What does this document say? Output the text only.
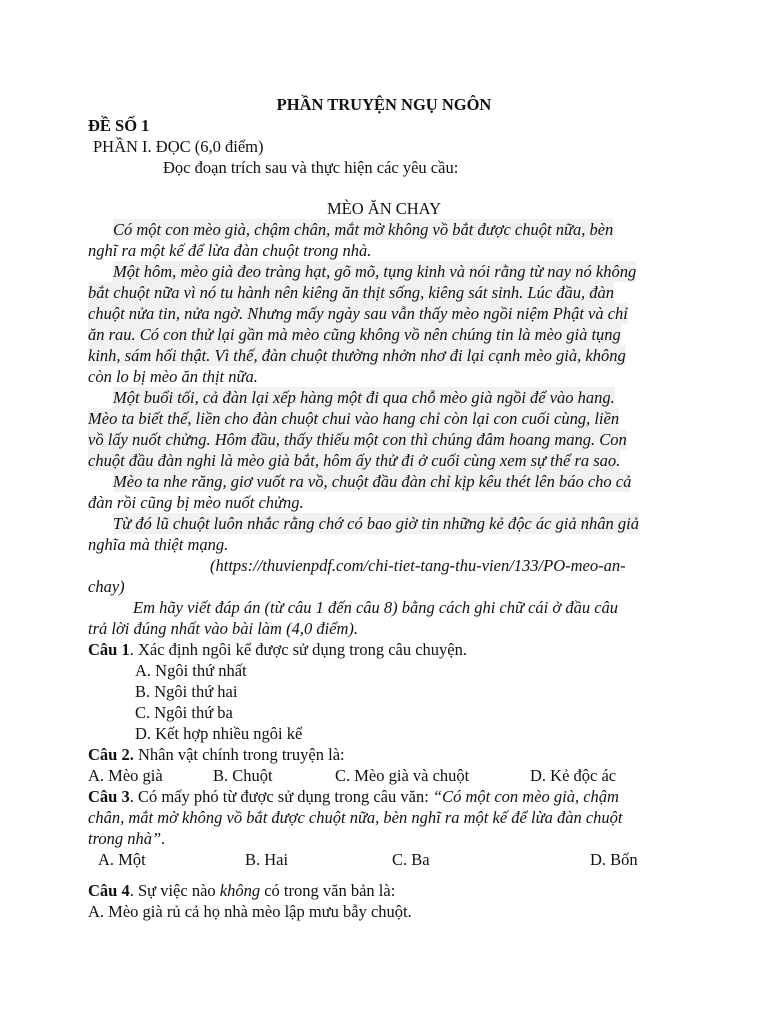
PHẦN TRUYỆN NGỤ NGÔN
ĐỀ SỐ 1
PHẦN I. ĐỌC (6,0 điểm)
Đọc đoạn trích sau và thực hiện các yêu cầu:
MÈO ĂN CHAY
Có một con mèo già, chậm chân, mắt mờ không vồ bắt được chuột nữa, bèn
nghĩ ra một kế để lừa đàn chuột trong nhà.
Một hôm, mèo già đeo tràng hạt, gõ mõ, tụng kinh và nói rằng từ nay nó không
bắt chuột nữa vì nó tu hành nên kiêng ăn thịt sống, kiêng sát sinh. Lúc đầu, đàn
chuột nửa tin, nửa ngờ. Nhưng mấy ngày sau vẫn thấy mèo ngồi niệm Phật và chỉ
ăn rau. Có con thử lại gần mà mèo cũng không vồ nên chúng tin là mèo già tụng
kinh, sám hối thật. Vì thế, đàn chuột thường nhởn nhơ đi lại cạnh mèo già, không
còn lo bị mèo ăn thịt nữa.
Một buổi tối, cả đàn lại xếp hàng một đi qua chỗ mèo già ngồi để vào hang.
Mèo ta biết thế, liền cho đàn chuột chui vào hang chỉ còn lại con cuối cùng, liền
vồ lấy nuốt chửng. Hôm đầu, thấy thiếu một con thì chúng đâm hoang mang. Con
chuột đầu đàn nghi là mèo già bắt, hôm ấy thử đi ở cuối cùng xem sự thể ra sao.
Mèo ta nhe răng, giơ vuốt ra vồ, chuột đầu đàn chỉ kịp kêu thét lên báo cho cả
đàn rồi cũng bị mèo nuốt chửng.
Từ đó lũ chuột luôn nhắc rằng chớ có bao giờ tin những kẻ độc ác giả nhân giả
nghĩa mà thiệt mạng.
(https://thuvienpdf.com/chi-tiet-tang-thu-vien/133/PO-meo-an-
chay)
Em hãy viết đáp án (từ câu 1 đến câu 8) bằng cách ghi chữ cái ở đầu câu
trả lời đúng nhất vào bài làm (4,0 điểm).
Câu 1. Xác định ngôi kể được sử dụng trong câu chuyện.
A. Ngôi thứ nhất
B. Ngôi thứ hai
C. Ngôi thứ ba
D. Kết hợp nhiều ngôi kể
Câu 2. Nhân vật chính trong truyện là:
A. Mèo già	B. Chuột	C. Mèo già và chuột	D. Kẻ độc ác
Câu 3. Có mấy phó từ được sử dụng trong câu văn: “Có một con mèo già, chậm
chân, mắt mờ không vồ bắt được chuột nữa, bèn nghĩ ra một kế để lừa đàn chuột
trong nhà”.
A. Một	B. Hai	C. Ba	D. Bốn
Câu 4. Sự việc nào không có trong văn bản là:
A. Mèo già rủ cả họ nhà mèo lập mưu bẫy chuột.
